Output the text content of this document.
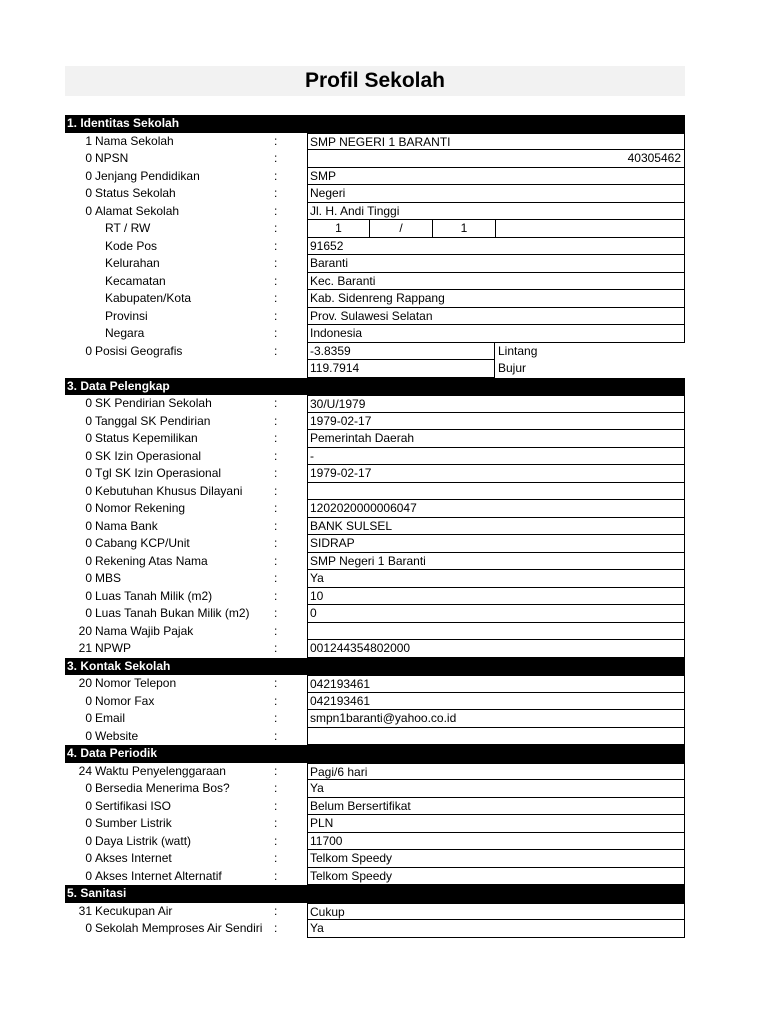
Profil Sekolah
1. Identitas Sekolah
1 Nama Sekolah	:	SMP NEGERI 1 BARANTI
0 NPSN	:	40305462
0 Jenjang Pendidikan	:	SMP
0 Status Sekolah	:	Negeri
0 Alamat Sekolah	:	Jl. H. Andi Tinggi
RT / RW	:	1	/	1
Kode Pos	:	91652
Kelurahan	:	Baranti
Kecamatan	:	Kec. Baranti
Kabupaten/Kota	:	Kab. Sidenreng Rappang
Provinsi	:	Prov. Sulawesi Selatan
Negara	:	Indonesia
0 Posisi Geografis	:	-3.8359	Lintang
119.7914	Bujur
3. Data Pelengkap
0 SK Pendirian Sekolah	:	30/U/1979
0 Tanggal SK Pendirian	:	1979-02-17
0 Status Kepemilikan	:	Pemerintah Daerah
0 SK Izin Operasional	:	-
0 Tgl SK Izin Operasional	:	1979-02-17
0 Kebutuhan Khusus Dilayani	:
0 Nomor Rekening	:	1202020000006047
0 Nama Bank	:	BANK SULSEL
0 Cabang KCP/Unit	:	SIDRAP
0 Rekening Atas Nama	:	SMP Negeri 1 Baranti
0 MBS	:	Ya
0 Luas Tanah Milik (m2)	:	10
0 Luas Tanah Bukan Milik (m2) :	0
20 Nama Wajib Pajak	:
21 NPWP	:	001244354802000
3. Kontak Sekolah
20 Nomor Telepon	:	042193461
0 Nomor Fax	:	042193461
0 Email	:	smpn1baranti@yahoo.co.id
0 Website	:
4. Data Periodik
24 Waktu Penyelenggaraan	:	Pagi/6 hari
0 Bersedia Menerima Bos?	:	Ya
0 Sertifikasi ISO	:	Belum Bersertifikat
0 Sumber Listrik	:	PLN
0 Daya Listrik (watt)	:	11700
0 Akses Internet	:	Telkom Speedy
0 Akses Internet Alternatif	:	Telkom Speedy
5. Sanitasi
31 Kecukupan Air	:	Cukup
0 Sekolah Memproses Air Sendiri :	Ya
